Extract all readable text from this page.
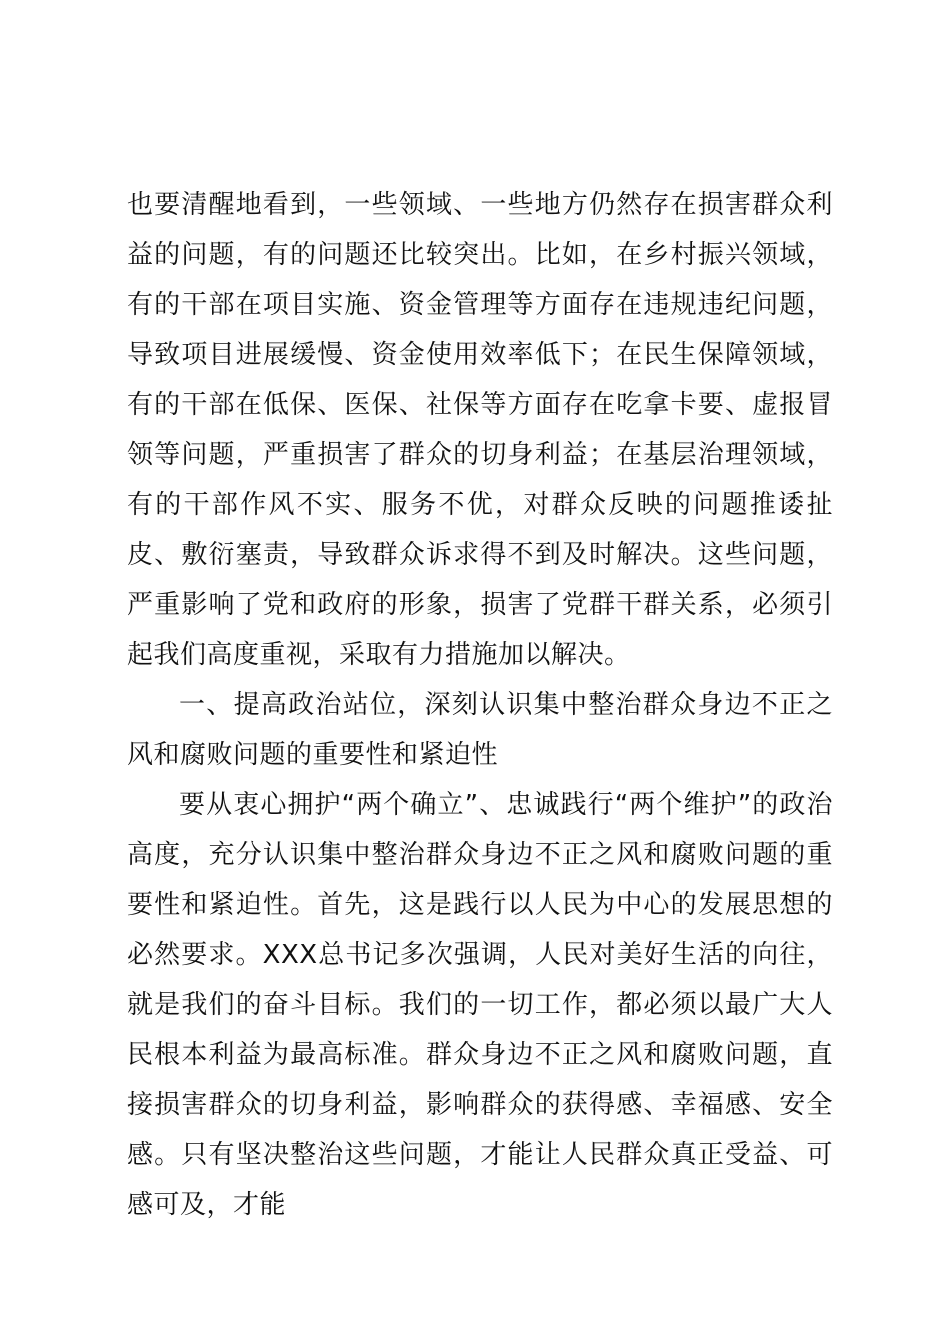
也要清醒地看到，一些领域、一些地方仍然存在损害群众利益的问题，有的问题还比较突出。比如，在乡村振兴领域，有的干部在项目实施、资金管理等方面存在违规违纪问题，导致项目进展缓慢、资金使用效率低下；在民生保障领域，有的干部在低保、医保、社保等方面存在吃拿卡要、虚报冒领等问题，严重损害了群众的切身利益；在基层治理领域，有的干部作风不实、服务不优，对群众反映的问题推诿扯皮、敷衍塞责，导致群众诉求得不到及时解决。这些问题，严重影响了党和政府的形象，损害了党群干群关系，必须引起我们高度重视，采取有力措施加以解决。

一、提高政治站位，深刻认识集中整治群众身边不正之风和腐败问题的重要性和紧迫性

要从衷心拥护“两个确立”、忠诚践行“两个维护”的政治高度，充分认识集中整治群众身边不正之风和腐败问题的重要性和紧迫性。首先，这是践行以人民为中心的发展思想的必然要求。XXX总书记多次强调，人民对美好生活的向往，就是我们的奋斗目标。我们的一切工作，都必须以最广大人民根本利益为最高标准。群众身边不正之风和腐败问题，直接损害群众的切身利益，影响群众的获得感、幸福感、安全感。只有坚决整治这些问题，才能让人民群众真正受益、可感可及，才能
